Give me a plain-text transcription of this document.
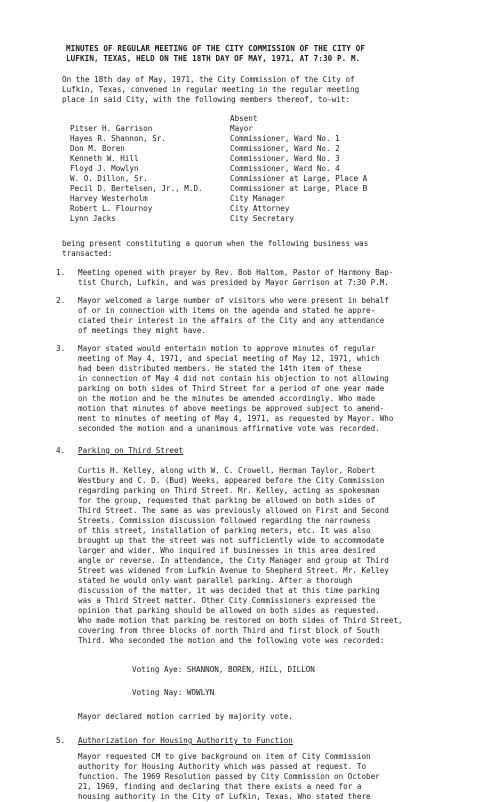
MINUTES OF REGULAR MEETING OF THE CITY COMMISSION OF THE CITY OF
LUFKIN, TEXAS, HELD ON THE 18TH DAY OF MAY, 1971, AT 7:30 P. M.
On the 18th day of May, 1971, the City Commission of the City of
Lufkin, Texas, convened in regular meeting in the regular meeting
place in said City, with the following members thereof, to-wit:
Absent
Pitser H. Garrison	Mayor
Hayes R. Shannon, Sr.	Commissioner, Ward No. 1
Don M. Boren	Commissioner, Ward No. 2
Kenneth W. Hill	Commissioner, Ward No. 3
Floyd J. Mowlyn	Commissioner, Ward No. 4
W. O. Dillon, Sr.	Commissioner at Large, Place A
Pecil D. Bertelsen, Jr., M.D.	Commissioner at Large, Place B
Harvey Westerholm	City Manager
Robert L. Flournoy	City Attorney
Lynn Jacks	City Secretary
being present constituting a quorum when the following business was
transacted:
1.	Meeting opened with prayer by Rev. Bob Haltom, Pastor of Harmony Bap-
tist Church, Lufkin, and was presided by Mayor Garrison at 7:30 P.M.
2.	Mayor welcomed a large number of visitors who were present in behalf
of or in connection with items on the agenda and stated he appre-
ciated their interest in the affairs of the City and any attendance
of meetings they might have.
3.	Mayor stated would entertain motion to approve minutes of regular
meeting of May 4, 1971, and special meeting of May 12, 1971, which
had been distributed members. He stated the 14th item of these
in connection of May 4 did not contain his objection to not allowing
parking on both sides of Third Street for a period of one year made
on the motion and he the minutes be amended accordingly. Who made
motion that minutes of above meetings be approved subject to amend-
ment to minutes of meeting of May 4, 1971, as requested by Mayor. Who
seconded the motion and a unanimous affirmative vote was recorded.
4.	Parking on Third Street
Curtis H. Kelley, along with W. C. Crowell, Herman Taylor, Robert
Westbury and C. D. (Bud) Weeks, appeared before the City Commission
regarding parking on Third Street. Mr. Kelley, acting as spokesman
for the group, requested that parking be allowed on both sides of
Third Street. The same as was previously allowed on First and Second
Streets. Commission discussion followed regarding the narrowness
of this street, installation of parking meters, etc. It was also
brought up that the street was not sufficiently wide to accommodate
larger and wider. Who inquired if businesses in this area desired
angle or reverse. In attendance, the City Manager and group at Third
Street was widened from Lufkin Avenue to Shepherd Street. Mr. Kelley
stated he would only want parallel parking. After a thorough
discussion of the matter, it was decided that at this time parking
was a Third Street matter. Other City Commissioners expressed the
opinion that parking should be allowed on both sides as requested.
Who made motion that parking be restored on both sides of Third Street,
covering from three blocks of north Third and first block of South
Third. Who seconded the motion and the following vote was recorded:
Voting Aye: SHANNON, BOREN, HILL, DILLON
Voting Nay: WOWLYN
Mayor declared motion carried by majority vote.
5.	Authorization for Housing Authority to Function
Mayor requested CM to give background on item of City Commission
authority for Housing Authority which was passed at request. To
function. The 1969 Resolution passed by City Commission on October
21, 1969, finding and declaring that there exists a need for a
housing authority in the City of Lufkin, Texas. Who stated there
